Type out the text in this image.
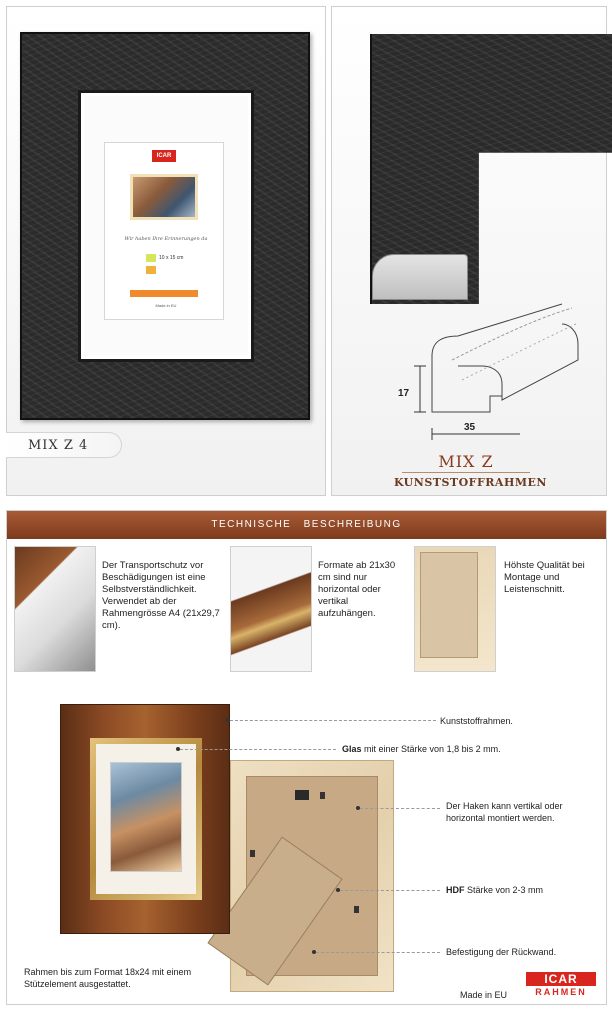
ICAR
Wir haben Ihre Erinnerungen da
10 x 15 cm
Made in EU
MIX Z 4
17
35
MIX Z
KUNSTSTOFFRAHMEN
TECHNISCHE BESCHREIBUNG
Der Transportschutz vor Beschädigungen ist eine Selbstverständlichkeit. Verwendet ab der Rahmengrösse A4 (21x29,7 cm).
Formate ab 21x30 cm sind nur horizontal oder vertikal aufzuhängen.
Höhste Qualität bei Montage und Leistenschnitt.
Kunststoffrahmen.
Glas mit einer Stärke von 1,8 bis 2 mm.
Der Haken kann vertikal oder horizontal montiert werden.
HDF Stärke von 2-3 mm
Befestigung der Rückwand.
Rahmen bis zum Format 18x24 mit einem Stützelement ausgestattet.
Made in EU
ICAR
RAHMEN
